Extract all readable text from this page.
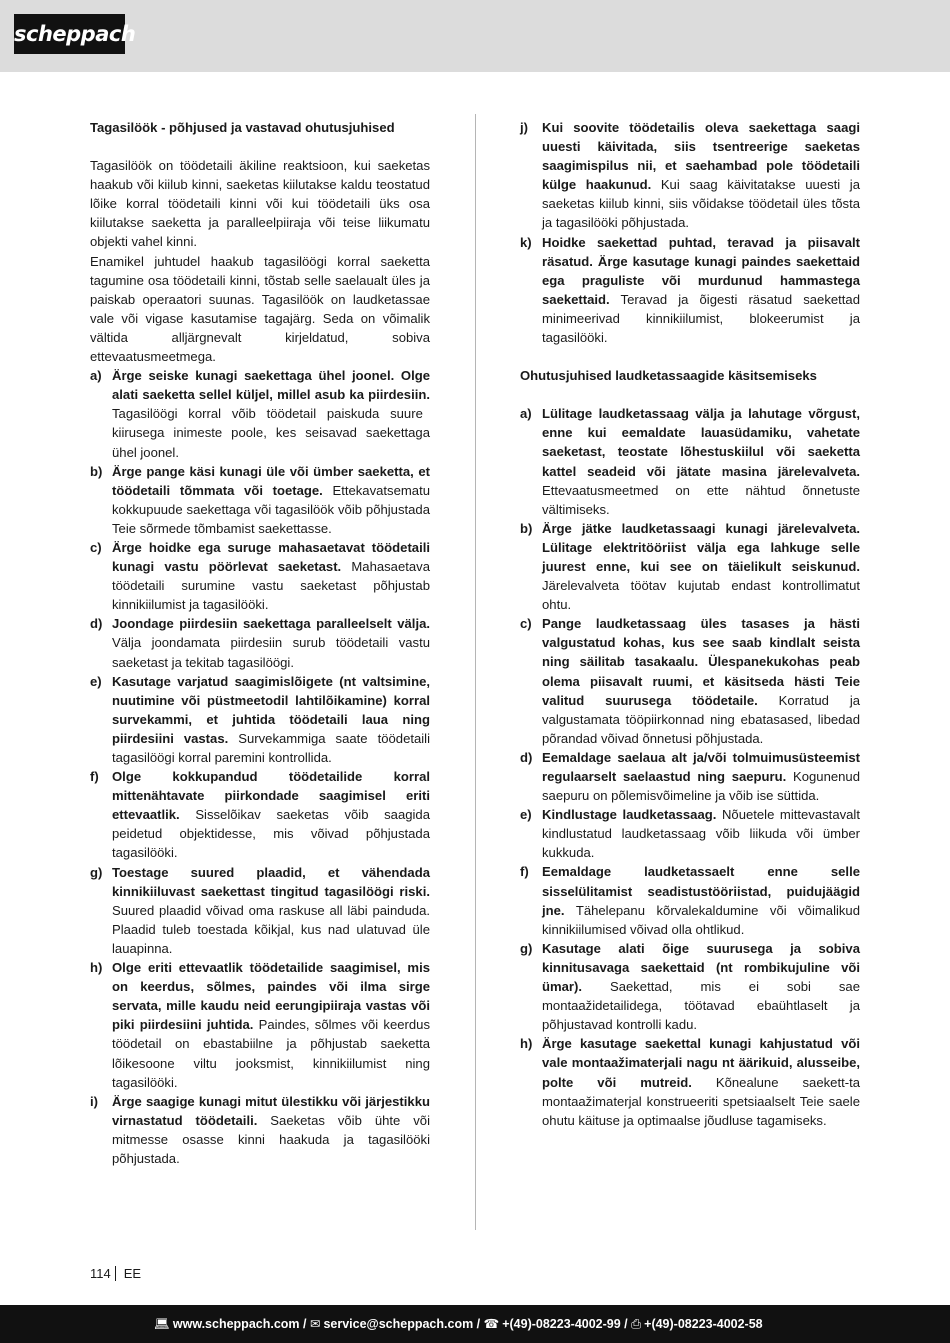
scheppach

Tagasilöök - põhjused ja vastavad ohutusjuhised

Tagasilöök on töödetaili äkiline reaktsioon, kui saeketas haakub või kiilub kinni, saeketas kiilutakse kaldu teostatud lõike korral töödetaili kinni või kui töödetaili üks osa kiilutakse saeketta ja paralleelpiiraja või teise liikumatu objekti vahel kinni.

Enamikel juhtudel haakub tagasilöögi korral saeketta tagumine osa töödetaili kinni, tõstab selle saelaualt üles ja paiskab operaatori suunas. Tagasilöök on laudketassae vale või vigase kasutamise tagajärg. Seda on võimalik vältida alljärgnevalt kirjeldatud, sobiva ettevaatusmeetmega.

a) Ärge seiske kunagi saekettaga ühel joonel. Olge alati saeketta sellel küljel, millel asub ka piirdesiin. Tagasilöögi korral võib töödetail paiskuda suure kiirusega inimeste poole, kes seisavad saekettaga ühel joonel.
b) Ärge pange käsi kunagi üle või ümber saeketta, et töödetaili tõmmata või toetage. Ettekavatsematu kokkupuude saekettaga või tagasilöök võib põhjustada Teie sõrmede tõmbamist saekettasse.
c) Ärge hoidke ega suruge mahasaetavat töödetaili kunagi vastu pöörlevat saeketast. Mahasaetava töödetaili surumine vastu saeketast põhjustab kinnikiilumist ja tagasilööki.
d) Joondage piirdesiin saekettaga paralleelselt välja. Välja joondamata piirdesiin surub töödetaili vastu saeketast ja tekitab tagasilöögi.
e) Kasutage varjatud saagimislõigete (nt valtsimine, nuutimine või püstmeetodil lahtilõikamine) korral survekammi, et juhtida töödetaili laua ning piirdesiini vastas. Survekammiga saate töödetaili tagasilöögi korral paremini kontrollida.
f)	Olge kokkupandud töödetailide korral mittenähtavate piirkondade saagimisel eriti ettevaatlik. Sisselõikav saeketas võib saagida peidetud objektidesse, mis võivad põhjustada tagasilööki.
g) Toestage suured plaadid, et vähendada kinnikiiluvast saekettast tingitud tagasilöögi riski. Suured plaadid võivad oma raskuse all läbi painduda. Plaadid tuleb toestada kõikjal, kus nad ulatuvad üle lauapinna.
h) Olge eriti ettevaatlik töödetailide saagimisel, mis on keerdus, sõlmes, paindes või ilma sirge servata, mille kaudu neid eerungipiiraja vastas või piki piirdesiini juhtida. Paindes, sõlmes või keerdus töödetail on ebastabiilne ja põhjustab saeketta lõikesoone viltu jooksmist, kinnikiilumist ning tagasilööki.
i)	Ärge saagige kunagi mitut ülestikku või järjestikku virnastatud töödetaili. Saeketas võib ühte või mitmesse osasse kinni haakuda ja tagasilööki põhjustada.
j)	Kui soovite töödetailis oleva saekettaga saagi uuesti käivitada, siis tsentreerige saeketas saagimispilus nii, et saehambad pole töödetaili külge haakunud. Kui saag käivitatakse uuesti ja saeketas kiilub kinni, siis võidakse töödetail üles tõsta ja tagasilööki põhjustada.
k) Hoidke saekettad puhtad, teravad ja piisavalt räsatud. Ärge kasutage kunagi paindes saekettaid ega praguliste või murdunud hammastega saekettaid. Teravad ja õigesti räsatud saekettad minimeerivad kinnikiilumist, blokeerumist ja tagasilööki.

Ohutusjuhised laudketassaagide käsitsemiseks

a) Lülitage laudketassaag välja ja lahutage võrgust, enne kui eemaldate lauasüdamiku, vahetate saeketast, teostate lõhestuskiilul või saeketta kattel seadeid või jätate masina järelevalveta. Ettevaatusmeetmed on ette nähtud õnnetuste vältimiseks.
b) Ärge jätke laudketassaagi kunagi järelevalveta. Lülitage elektritööriist välja ega lahkuge selle juurest enne, kui see on täielikult seiskunud. Järelevalveta töötav kujutab endast kontrollimatut ohtu.
c) Pange laudketassaag üles tasases ja hästi valgustatud kohas, kus see saab kindlalt seista ning säilitab tasakaalu. Ülespanekukohas peab olema piisavalt ruumi, et käsitseda hästi Teie valitud suurusega töödetaile. Korratud ja valgustamata tööpiirkonnad ning ebatasased, libedad põrandad võivad õnnetusi põhjustada.
d) Eemaldage saelaua alt ja/või tolmuimusüsteemist regulaarselt saelaastud ning saepuru. Kogunenud saepuru on põlemisvõimeline ja võib ise süttida.
e) Kindlustage laudketassaag. Nõuetele mittevastavalt kindlustatud laudketassaag võib liikuda või ümber kukkuda.
f)	Eemaldage laudketassaelt enne selle sisselülitamist seadistustööriistad, puidujäägid jne. Tähelepanu kõrvalekaldumine või võimalikud kinnikiilumised võivad olla ohtlikud.
g) Kasutage alati õige suurusega ja sobiva kinnitusavaga saekettaid (nt rombikujuline või ümar). Saekettad, mis ei sobi sae montaažidetailidega, töötavad ebaühtlaselt ja põhjustavad kontrolli kadu.
h) Ärge kasutage saekettal kunagi kahjustatud või vale montaažimaterjali nagu nt äärikuid, alusseibe, polte või mutreid. Kõnealune saekett-ta montaažimaterjal konstrueeriti spetsiaalselt Teie saele ohutu käituse ja optimaalse jõudluse tagamiseks.
114 EE
💻︎ www.scheppach.com / ✉︎ service@scheppach.com / ☎︎ +(49)-08223-4002-99 / ⎙ +(49)-08223-4002-58
